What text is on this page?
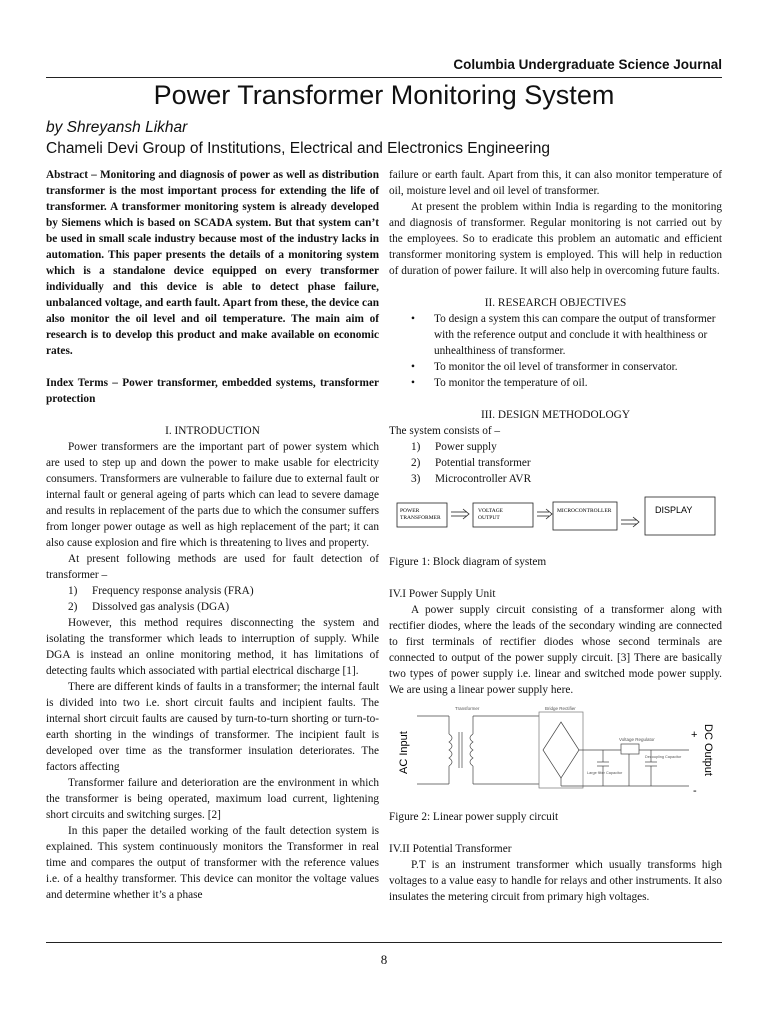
Columbia Undergraduate Science Journal
Power Transformer Monitoring System
by Shreyansh Likhar
Chameli Devi Group of Institutions, Electrical and Electronics Engineering

Abstract – Monitoring and diagnosis of power as well as distribution transformer is the most important process for extending the life of transformer. A transformer monitoring system is already developed by Siemens which is based on SCADA system. But that system can’t be used in small scale industry because most of the industry lacks in automation. This paper presents the details of a monitoring system which is a standalone device equipped on every transformer individually and this device is able to detect phase failure, unbalanced voltage, and earth fault. Apart from these, the device can also monitor the oil level and oil temperature. The main aim of research is to develop this product and make available on economic rates.

Index Terms – Power transformer, embedded systems, transformer protection

I. INTRODUCTION

Power transformers are the important part of power system which are used to step up and down the power to make usable for electricity consumers. Transformers are vulnerable to failure due to external fault or internal fault or general ageing of parts which can lead to severe damage and results in replacement of the parts due to which the consumer suffers from longer power outage as well as high replacement of the part; it can also cause explosion and fire which is threatening to lives and property.

At present following methods are used for fault detection of transformer –

1) Frequency response analysis (FRA)
2) Dissolved gas analysis (DGA)

However, this method requires disconnecting the system and isolating the transformer which leads to interruption of supply. While DGA is instead an online monitoring method, it has limitations of detecting faults which associated with partial electrical discharge [1].

There are different kinds of faults in a transformer; the internal fault is divided into two i.e. short circuit faults and incipient faults. The internal short circuit faults are caused by turn-to-turn shorting or turn-to-earth shorting in the windings of transformer. The incipient fault is developed over time as the transformer insulation deteriorates. The factors affecting

Transformer failure and deterioration are the environment in which the transformer is being operated, maximum load current, lightening short circuits and switching surges. [2]

In this paper the detailed working of the fault detection system is explained. This system continuously monitors the Transformer in real time and compares the output of transformer with the reference values i.e. of a healthy transformer. This device can monitor the voltage values and determine whether it’s a phase

failure or earth fault. Apart from this, it can also monitor temperature of oil, moisture level and oil level of transformer.

At present the problem within India is regarding to the monitoring and diagnosis of transformer. Regular monitoring is not carried out by the employees. So to eradicate this problem an automatic and efficient transformer monitoring system is employed. This will help in reduction of duration of power failure. It will also help in overcoming future faults.

II. RESEARCH OBJECTIVES

• To design a system this can compare the output of transformer with the reference output and conclude it with healthiness or unhealthiness of transformer.
• To monitor the oil level of transformer in conservator.
• To monitor the temperature of oil.

III. DESIGN METHODOLOGY

The system consists of –

1) Power supply
2) Potential transformer
3) Microcontroller AVR
POWER
TRANSFORMER
VOLTAGE
OUTPUT
MICROCONTROLLER	DISPLAY

Figure 1: Block diagram of system

IV.I Power Supply Unit

A power supply circuit consisting of a transformer along with rectifier diodes, where the leads of the secondary winding are connected to first terminals of rectifier diodes whose second terminals are connected to output of the power supply circuit. [3] There are basically two types of power supply i.e. linear and switched mode power supply. We are using a linear power supply here.

AC Input
Transformer	Bridge Rectifier
Voltage Regulator
Large filter Capacitor
Decoupling Capacitor
+
-
DC Output

Figure 2: Linear power supply circuit

IV.II Potential Transformer

P.T is an instrument transformer which usually transforms high voltages to a value easy to handle for relays and other instruments. It also insulates the metering circuit from primary high voltages.

8
